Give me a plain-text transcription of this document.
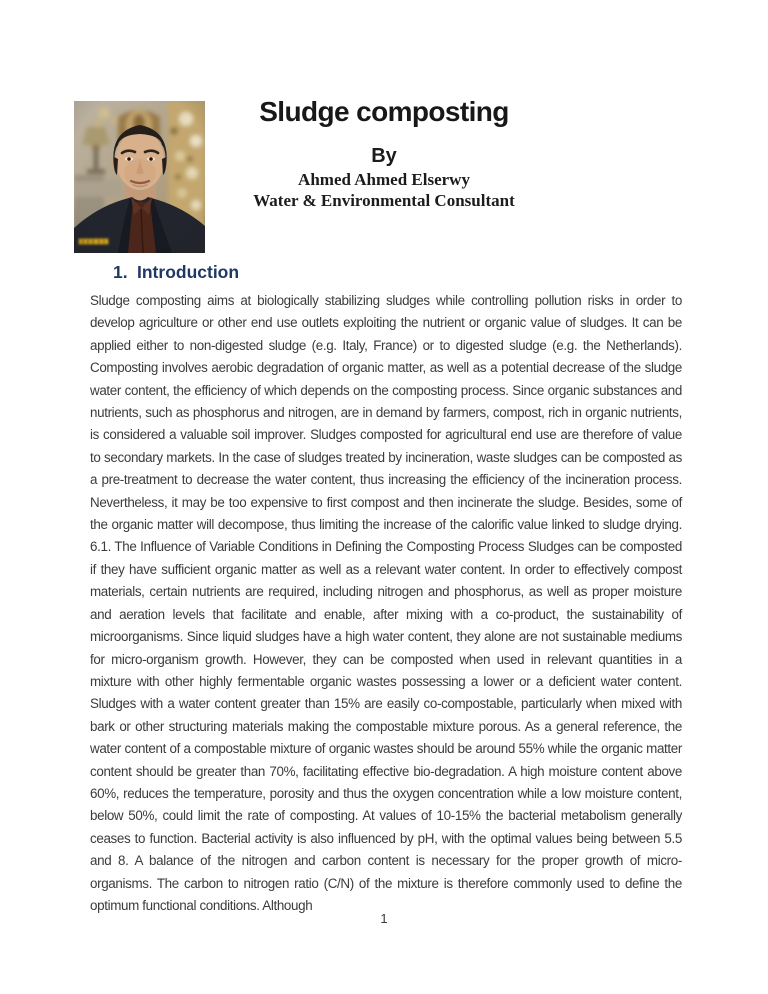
Sludge composting
By
Ahmed Ahmed Elserwy
Water & Environmental Consultant
1. Introduction

Sludge composting aims at biologically stabilizing sludges while controlling pollution risks in order to develop agriculture or other end use outlets exploiting the nutrient or organic value of sludges. It can be applied either to non-digested sludge (e.g. Italy, France) or to digested sludge (e.g. the Netherlands). Composting involves aerobic degradation of organic matter, as well as a potential decrease of the sludge water content, the efficiency of which depends on the composting process. Since organic substances and nutrients, such as phosphorus and nitrogen, are in demand by farmers, compost, rich in organic nutrients, is considered a valuable soil improver. Sludges composted for agricultural end use are therefore of value to secondary markets. In the case of sludges treated by incineration, waste sludges can be composted as a pre-treatment to decrease the water content, thus increasing the efficiency of the incineration process. Nevertheless, it may be too expensive to first compost and then incinerate the sludge. Besides, some of the organic matter will decompose, thus limiting the increase of the calorific value linked to sludge drying. 6.1. The Influence of Variable Conditions in Defining the Composting Process Sludges can be composted if they have sufficient organic matter as well as a relevant water content. In order to effectively compost materials, certain nutrients are required, including nitrogen and phosphorus, as well as proper moisture and aeration levels that facilitate and enable, after mixing with a co-product, the sustainability of microorganisms. Since liquid sludges have a high water content, they alone are not sustainable mediums for micro-organism growth. However, they can be composted when used in relevant quantities in a mixture with other highly fermentable organic wastes possessing a lower or a deficient water content. Sludges with a water content greater than 15% are easily co-compostable, particularly when mixed with bark or other structuring materials making the compostable mixture porous. As a general reference, the water content of a compostable mixture of organic wastes should be around 55% while the organic matter content should be greater than 70%, facilitating effective bio-degradation. A high moisture content above 60%, reduces the temperature, porosity and thus the oxygen concentration while a low moisture content, below 50%, could limit the rate of composting. At values of 10-15% the bacterial metabolism generally ceases to function. Bacterial activity is also influenced by pH, with the optimal values being between 5.5 and 8. A balance of the nitrogen and carbon content is necessary for the proper growth of micro-organisms. The carbon to nitrogen ratio (C/N) of the mixture is therefore commonly used to define the optimum functional conditions. Although

1
